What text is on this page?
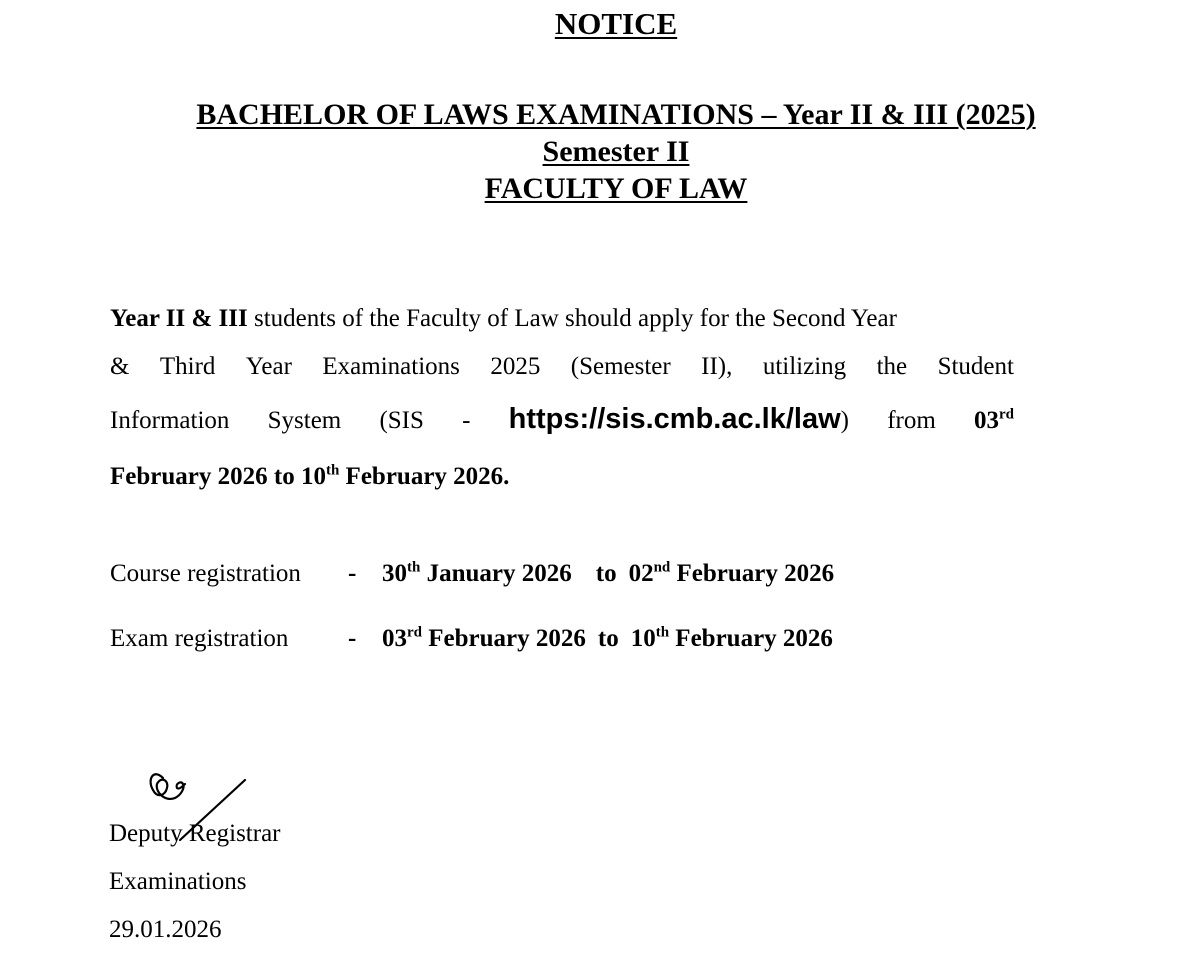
NOTICE
BACHELOR OF LAWS EXAMINATIONS – Year II & III (2025)
Semester II
FACULTY OF LAW
Year II & III students of the Faculty of Law should apply for the Second Year
& Third Year Examinations 2025 (Semester II), utilizing the Student
Information System (SIS - https://sis.cmb.ac.lk/law) from 03rd
February 2026 to 10th February 2026.
Course registration - 30th January 2026 to 02nd February 2026
Exam registration - 03rd February 2026 to 10th February 2026
Deputy Registrar
Examinations
29.01.2026
